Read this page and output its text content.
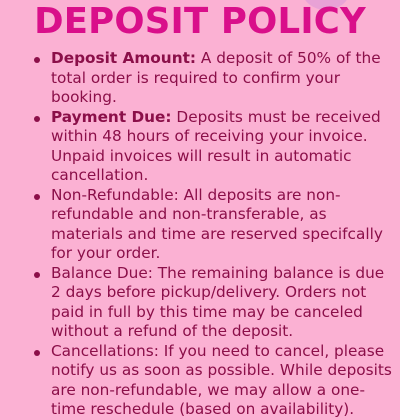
DEPOSIT POLICY
Deposit Amount: A deposit of 50% of the total order is required to confirm your booking.
Payment Due: Deposits must be received within 48 hours of receiving your invoice. Unpaid invoices will result in automatic cancellation.
Non-Refundable: All deposits are non-refundable and non-transferable, as materials and time are reserved specifcally for your order.
Balance Due: The remaining balance is due 2 days before pickup/delivery. Orders not paid in full by this time may be canceled without a refund of the deposit.
Cancellations: If you need to cancel, please notify us as soon as possible. While deposits are non-refundable, we may allow a one-time reschedule (based on availability).
